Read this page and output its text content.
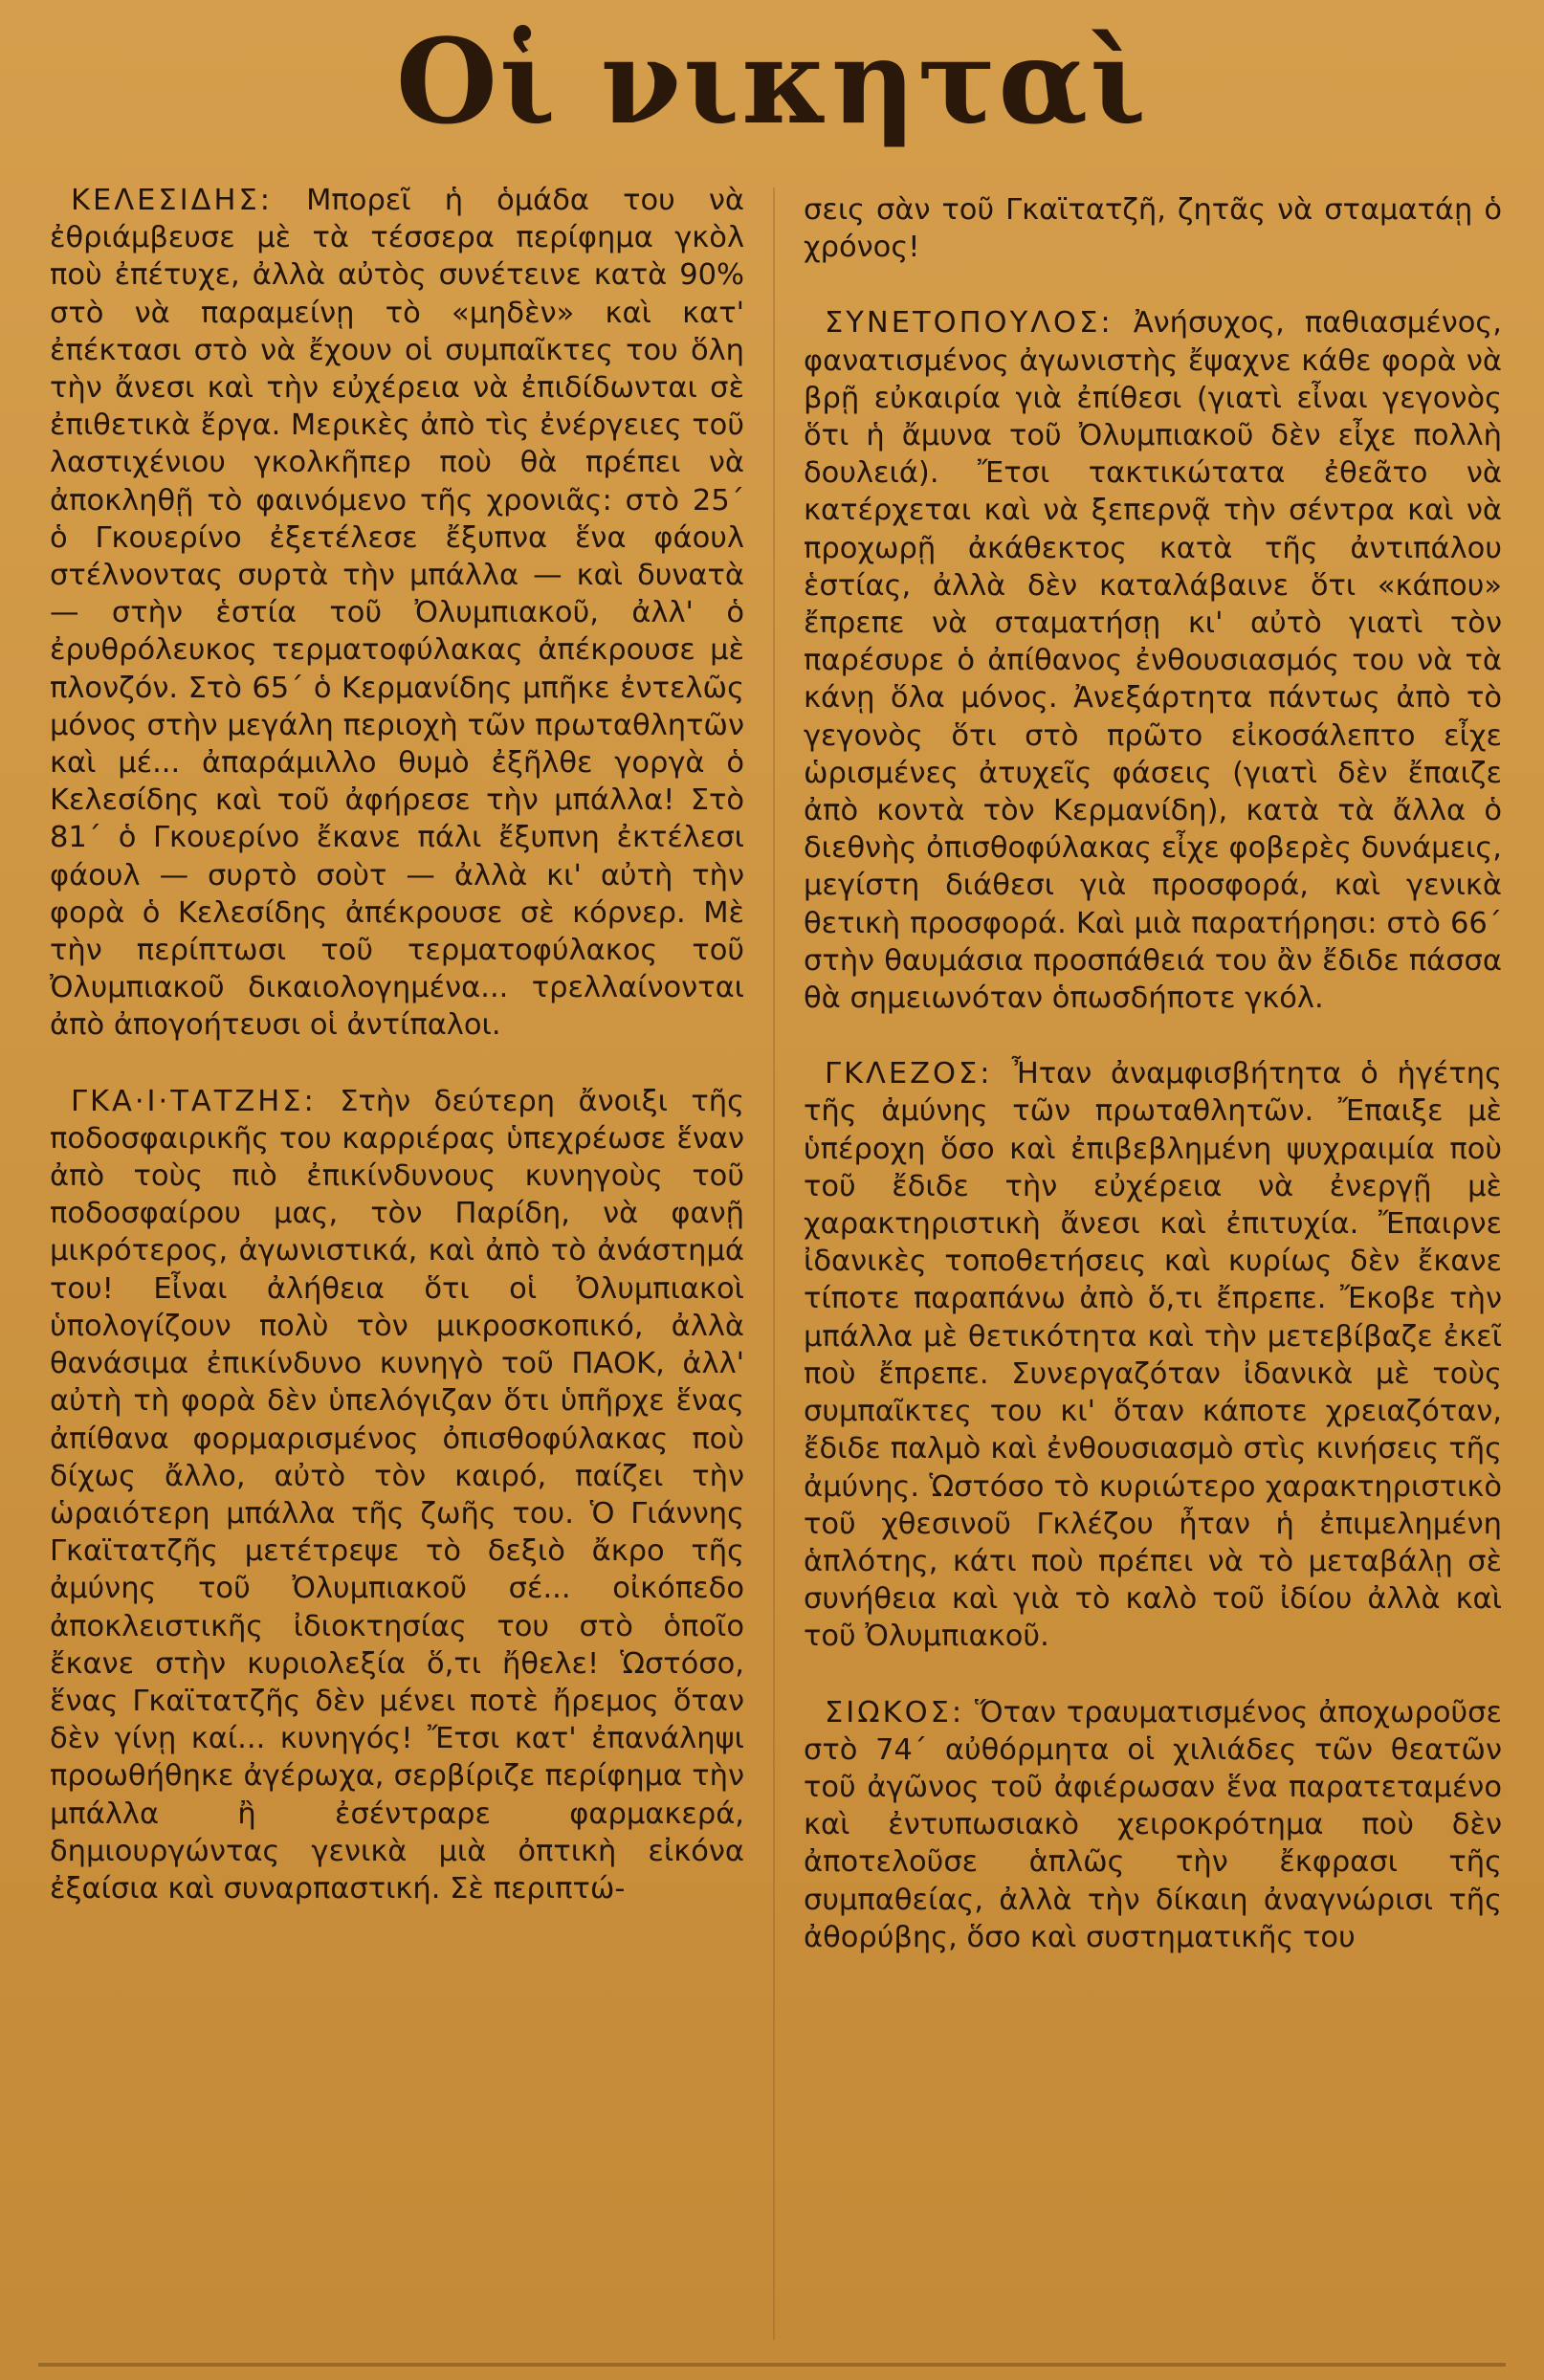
Οἱ νικηταὶ

ΚΕΛΕΣΙΔΗΣ: Μπορεῖ ἡ ὁμάδα του νὰ ἐθριάμβευσε μὲ τὰ τέσσερα περίφημα γκὸλ ποὺ ἐπέτυχε, ἀλλὰ αὐτὸς συνέτεινε κατὰ 90% στὸ νὰ παραμείνῃ τὸ «μηδὲν» καὶ κατ' ἐπέκτασι στὸ νὰ ἔχουν οἱ συμπαῖκτες του ὅλη τὴν ἄνεσι καὶ τὴν εὐχέρεια νὰ ἐπιδίδωνται σὲ ἐπιθετικὰ ἔργα. Μερικὲς ἀπὸ τὶς ἐνέργειες τοῦ λαστιχένιου γκολκῆπερ ποὺ θὰ πρέπει νὰ ἀποκληθῇ τὸ φαινόμενο τῆς χρονιᾶς: στὸ 25΄ ὁ Γκουερίνο ἐξετέλεσε ἔξυπνα ἕνα φάουλ στέλνοντας συρτὰ τὴν μπάλλα — καὶ δυνατὰ — στὴν ἑστία τοῦ Ὀλυμπιακοῦ, ἀλλ' ὁ ἐρυθρόλευκος τερματοφύλακας ἀπέκρουσε μὲ πλονζόν. Στὸ 65΄ ὁ Κερμανίδης μπῆκε ἐντελῶς μόνος στὴν μεγάλη περιοχὴ τῶν πρωταθλητῶν καὶ μέ... ἀπαράμιλλο θυμὸ ἐξῆλθε γοργὰ ὁ Κελεσίδης καὶ τοῦ ἀφήρεσε τὴν μπάλλα! Στὸ 81΄ ὁ Γκουερίνο ἔκανε πάλι ἔξυπνη ἐκτέλεσι φάουλ — συρτὸ σοὺτ — ἀλλὰ κι' αὐτὴ τὴν φορὰ ὁ Κελεσίδης ἀπέκρουσε σὲ κόρνερ. Μὲ τὴν περίπτωσι τοῦ τερματοφύλακος τοῦ Ὀλυμπιακοῦ δικαιολογημένα... τρελλαίνονται ἀπὸ ἀπογοήτευσι οἱ ἀντίπαλοι.

ΓΚΑ·Ι·ΤΑΤΖΗΣ: Στὴν δεύτερη ἄνοιξι τῆς ποδοσφαιρικῆς του καρριέρας ὑπεχρέωσε ἕναν ἀπὸ τοὺς πιὸ ἐπικίνδυνους κυνηγοὺς τοῦ ποδοσφαίρου μας, τὸν Παρίδη, νὰ φανῇ μικρότερος, ἀγωνιστικά, καὶ ἀπὸ τὸ ἀνάστημά του! Εἶναι ἀλήθεια ὅτι οἱ Ὀλυμπιακοὶ ὑπολογίζουν πολὺ τὸν μικροσκοπικό, ἀλλὰ θανάσιμα ἐπικίνδυνο κυνηγὸ τοῦ ΠΑΟΚ, ἀλλ' αὐτὴ τὴ φορὰ δὲν ὑπελόγιζαν ὅτι ὑπῆρχε ἕνας ἀπίθανα φορμαρισμένος ὀπισθοφύλακας ποὺ δίχως ἄλλο, αὐτὸ τὸν καιρό, παίζει τὴν ὡραιότερη μπάλλα τῆς ζωῆς του. Ὁ Γιάννης Γκαϊτατζῆς μετέτρεψε τὸ δεξιὸ ἄκρο τῆς ἀμύνης τοῦ Ὀλυμπιακοῦ σέ... οἰκόπεδο ἀποκλειστικῆς ἰδιοκτησίας του στὸ ὁποῖο ἔκανε στὴν κυριολεξία ὅ,τι ἤθελε! Ὡστόσο, ἕνας Γκαϊτατζῆς δὲν μένει ποτὲ ἤρεμος ὅταν δὲν γίνῃ καί... κυνηγός! Ἔτσι κατ' ἐπανάληψι προωθήθηκε ἀγέρωχα, σερβίριζε περίφημα τὴν μπάλλα ἢ ἐσέντραρε φαρμακερά, δημιουργώντας γενικὰ μιὰ ὀπτικὴ εἰκόνα ἐξαίσια καὶ συναρπαστική. Σὲ περιπτώ-

σεις σὰν τοῦ Γκαϊτατζῆ, ζητᾶς νὰ σταματάῃ ὁ χρόνος!

ΣΥΝΕΤΟΠΟΥΛΟΣ: Ἀνήσυχος, παθιασμένος, φανατισμένος ἀγωνιστὴς ἔψαχνε κάθε φορὰ νὰ βρῇ εὐκαιρία γιὰ ἐπίθεσι (γιατὶ εἶναι γεγονὸς ὅτι ἡ ἄμυνα τοῦ Ὀλυμπιακοῦ δὲν εἶχε πολλὴ δουλειά). Ἔτσι τακτικώτατα ἐθεᾶτο νὰ κατέρχεται καὶ νὰ ξεπερνᾷ τὴν σέντρα καὶ νὰ προχωρῇ ἀκάθεκτος κατὰ τῆς ἀντιπάλου ἑστίας, ἀλλὰ δὲν καταλάβαινε ὅτι «κάπου» ἔπρεπε νὰ σταματήσῃ κι' αὐτὸ γιατὶ τὸν παρέσυρε ὁ ἀπίθανος ἐνθουσιασμός του νὰ τὰ κάνῃ ὅλα μόνος. Ἀνεξάρτητα πάντως ἀπὸ τὸ γεγονὸς ὅτι στὸ πρῶτο εἰκοσάλεπτο εἶχε ὡρισμένες ἀτυχεῖς φάσεις (γιατὶ δὲν ἔπαιζε ἀπὸ κοντὰ τὸν Κερμανίδη), κατὰ τὰ ἄλλα ὁ διεθνὴς ὀπισθοφύλακας εἶχε φοβερὲς δυνάμεις, μεγίστη διάθεσι γιὰ προσφορά, καὶ γενικὰ θετικὴ προσφορά. Καὶ μιὰ παρατήρησι: στὸ 66΄ στὴν θαυμάσια προσπάθειά του ἂν ἔδιδε πάσσα θὰ σημειωνόταν ὁπωσδήποτε γκόλ.

ΓΚΛΕΖΟΣ: Ἦταν ἀναμφισβήτητα ὁ ἡγέτης τῆς ἀμύνης τῶν πρωταθλητῶν. Ἔπαιξε μὲ ὑπέροχη ὅσο καὶ ἐπιβεβλημένη ψυχραιμία ποὺ τοῦ ἔδιδε τὴν εὐχέρεια νὰ ἐνεργῇ μὲ χαρακτηριστικὴ ἄνεσι καὶ ἐπιτυχία. Ἔπαιρνε ἰδανικὲς τοποθετήσεις καὶ κυρίως δὲν ἔκανε τίποτε παραπάνω ἀπὸ ὅ,τι ἔπρεπε. Ἔκοβε τὴν μπάλλα μὲ θετικότητα καὶ τὴν μετεβίβαζε ἐκεῖ ποὺ ἔπρεπε. Συνεργαζόταν ἰδανικὰ μὲ τοὺς συμπαῖκτες του κι' ὅταν κάποτε χρειαζόταν, ἔδιδε παλμὸ καὶ ἐνθουσιασμὸ στὶς κινήσεις τῆς ἀμύνης. Ὡστόσο τὸ κυριώτερο χαρακτηριστικὸ τοῦ χθεσινοῦ Γκλέζου ἦταν ἡ ἐπιμελημένη ἁπλότης, κάτι ποὺ πρέπει νὰ τὸ μεταβάλῃ σὲ συνήθεια καὶ γιὰ τὸ καλὸ τοῦ ἰδίου ἀλλὰ καὶ τοῦ Ὀλυμπιακοῦ.

ΣΙΩΚΟΣ: Ὅταν τραυματισμένος ἀποχωροῦσε στὸ 74΄ αὐθόρμητα οἱ χιλιάδες τῶν θεατῶν τοῦ ἀγῶνος τοῦ ἀφιέρωσαν ἕνα παρατεταμένο καὶ ἐντυπωσιακὸ χειροκρότημα ποὺ δὲν ἀποτελοῦσε ἁπλῶς τὴν ἔκφρασι τῆς συμπαθείας, ἀλλὰ τὴν δίκαιη ἀναγνώρισι τῆς ἀθορύβης, ὅσο καὶ συστηματικῆς του
